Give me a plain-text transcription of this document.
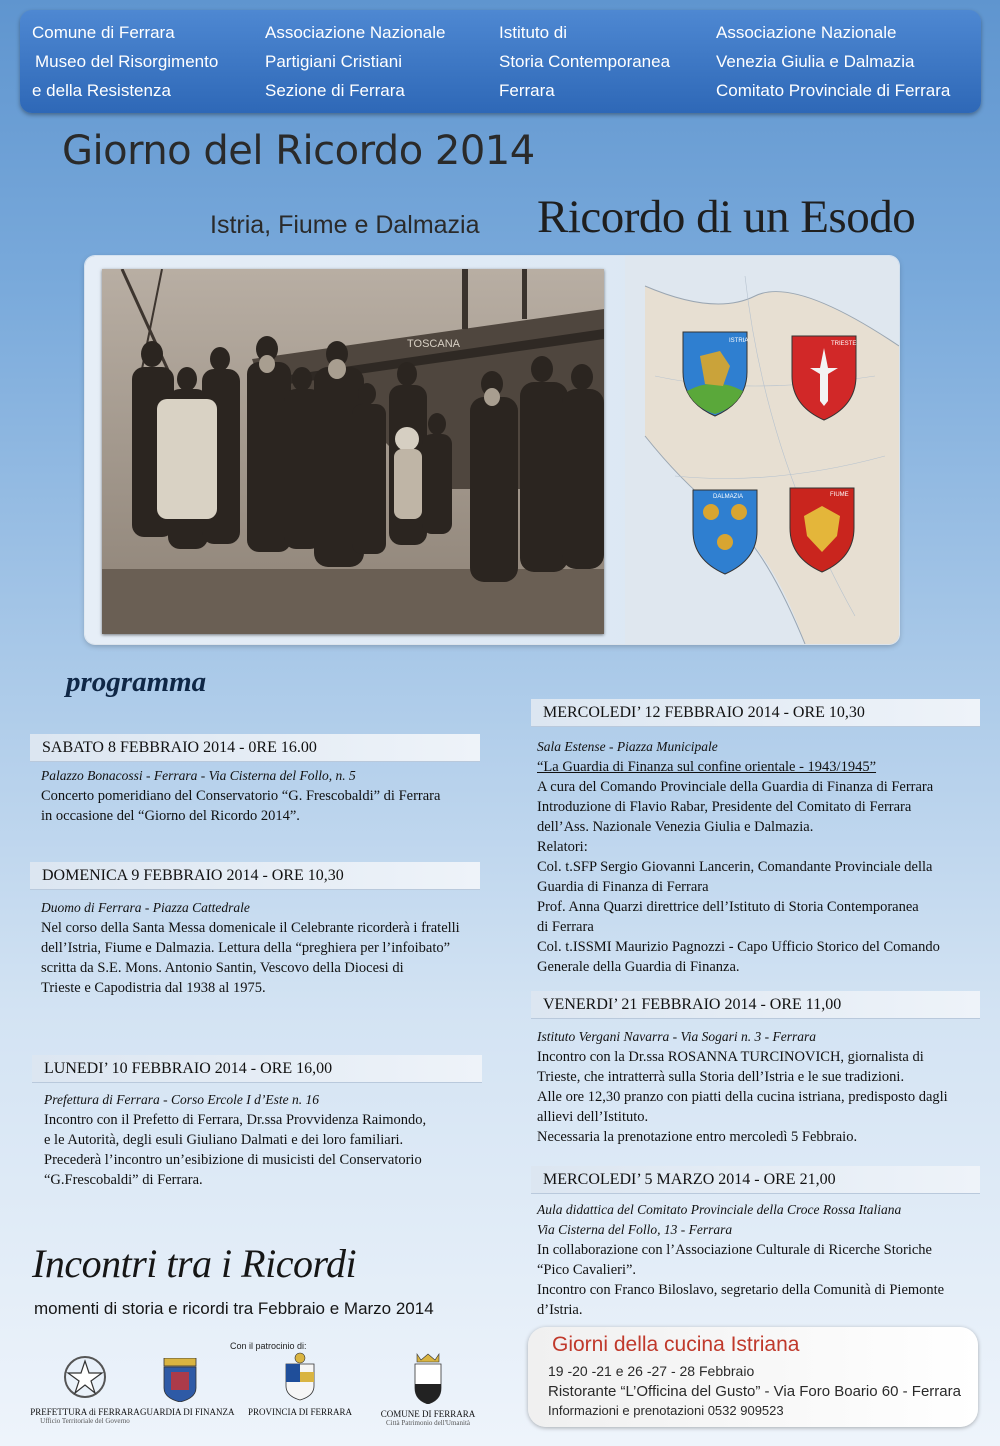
Comune di Ferrara
Museo del Risorgimento
e della Resistenza
Associazione Nazionale
Partigiani Cristiani
Sezione di Ferrara
Istituto di
Storia Contemporanea
Ferrara
Associazione Nazionale
Venezia Giulia e Dalmazia
Comitato Provinciale di Ferrara
Giorno del Ricordo 2014
Istria, Fiume e Dalmazia Ricordo di un Esodo
TOSCANA	ISTRIA	TRIESTE
DALMAZIA	FIUME
programma
SABATO 8 FEBBRAIO 2014 - 0RE 16.00
Palazzo Bonacossi - Ferrara - Via Cisterna del Follo, n. 5
Concerto pomeridiano del Conservatorio “G. Frescobaldi” di Ferrara
in occasione del “Giorno del Ricordo 2014”.
DOMENICA 9 FEBBRAIO 2014 - ORE 10,30
Duomo di Ferrara - Piazza Cattedrale
Nel corso della Santa Messa domenicale il Celebrante ricorderà i fratelli
dell’Istria, Fiume e Dalmazia. Lettura della “preghiera per l’infoibato”
scritta da S.E. Mons. Antonio Santin, Vescovo della Diocesi di
Trieste e Capodistria dal 1938 al 1975.
LUNEDI’ 10 FEBBRAIO 2014 - ORE 16,00
Prefettura di Ferrara - Corso Ercole I d’Este n. 16
Incontro con il Prefetto di Ferrara, Dr.ssa Provvidenza Raimondo,
e le Autorità, degli esuli Giuliano Dalmati e dei loro familiari.
Precederà l’incontro un’esibizione di musicisti del Conservatorio
“G.Frescobaldi” di Ferrara.
MERCOLEDI’ 12 FEBBRAIO 2014 - ORE 10,30
Sala Estense - Piazza Municipale
“La Guardia di Finanza sul confine orientale - 1943/1945”
A cura del Comando Provinciale della Guardia di Finanza di Ferrara
Introduzione di Flavio Rabar, Presidente del Comitato di Ferrara
dell’Ass. Nazionale Venezia Giulia e Dalmazia.
Relatori:
Col. t.SFP Sergio Giovanni Lancerin, Comandante Provinciale della
Guardia di Finanza di Ferrara
Prof. Anna Quarzi direttrice dell’Istituto di Storia Contemporanea
di Ferrara
Col. t.ISSMI Maurizio Pagnozzi - Capo Ufficio Storico del Comando
Generale della Guardia di Finanza.
VENERDI’ 21 FEBBRAIO 2014 - ORE 11,00
Istituto Vergani Navarra - Via Sogari n. 3 - Ferrara
Incontro con la Dr.ssa ROSANNA TURCINOVICH, giornalista di
Trieste, che intratterrà sulla Storia dell’Istria e le sue tradizioni.
Alle ore 12,30 pranzo con piatti della cucina istriana, predisposto dagli
allievi dell’Istituto.
Necessaria la prenotazione entro mercoledì 5 Febbraio.
MERCOLEDI’ 5 MARZO 2014 - ORE 21,00
Aula didattica del Comitato Provinciale della Croce Rossa Italiana
Via Cisterna del Follo, 13 - Ferrara
In collaborazione con l’Associazione Culturale di Ricerche Storiche
“Pico Cavalieri”.
Incontro con Franco Biloslavo, segretario della Comunità di Piemonte
d’Istria.
Incontri tra i Ricordi
momenti di storia e ricordi tra Febbraio e Marzo 2014
Con il patrocinio di:
PREFETTURA di FERRARA
Ufficio Territoriale del Governo
GUARDIA DI FINANZA	PROVINCIA DI FERRARA	COMUNE DI FERRARA
Città Patrimonio dell'Umanità
Giorni della cucina Istriana
19 -20 -21 e 26 -27 - 28 Febbraio
Ristorante “L’Officina del Gusto” - Via Foro Boario 60 - Ferrara
Informazioni e prenotazioni 0532 909523
